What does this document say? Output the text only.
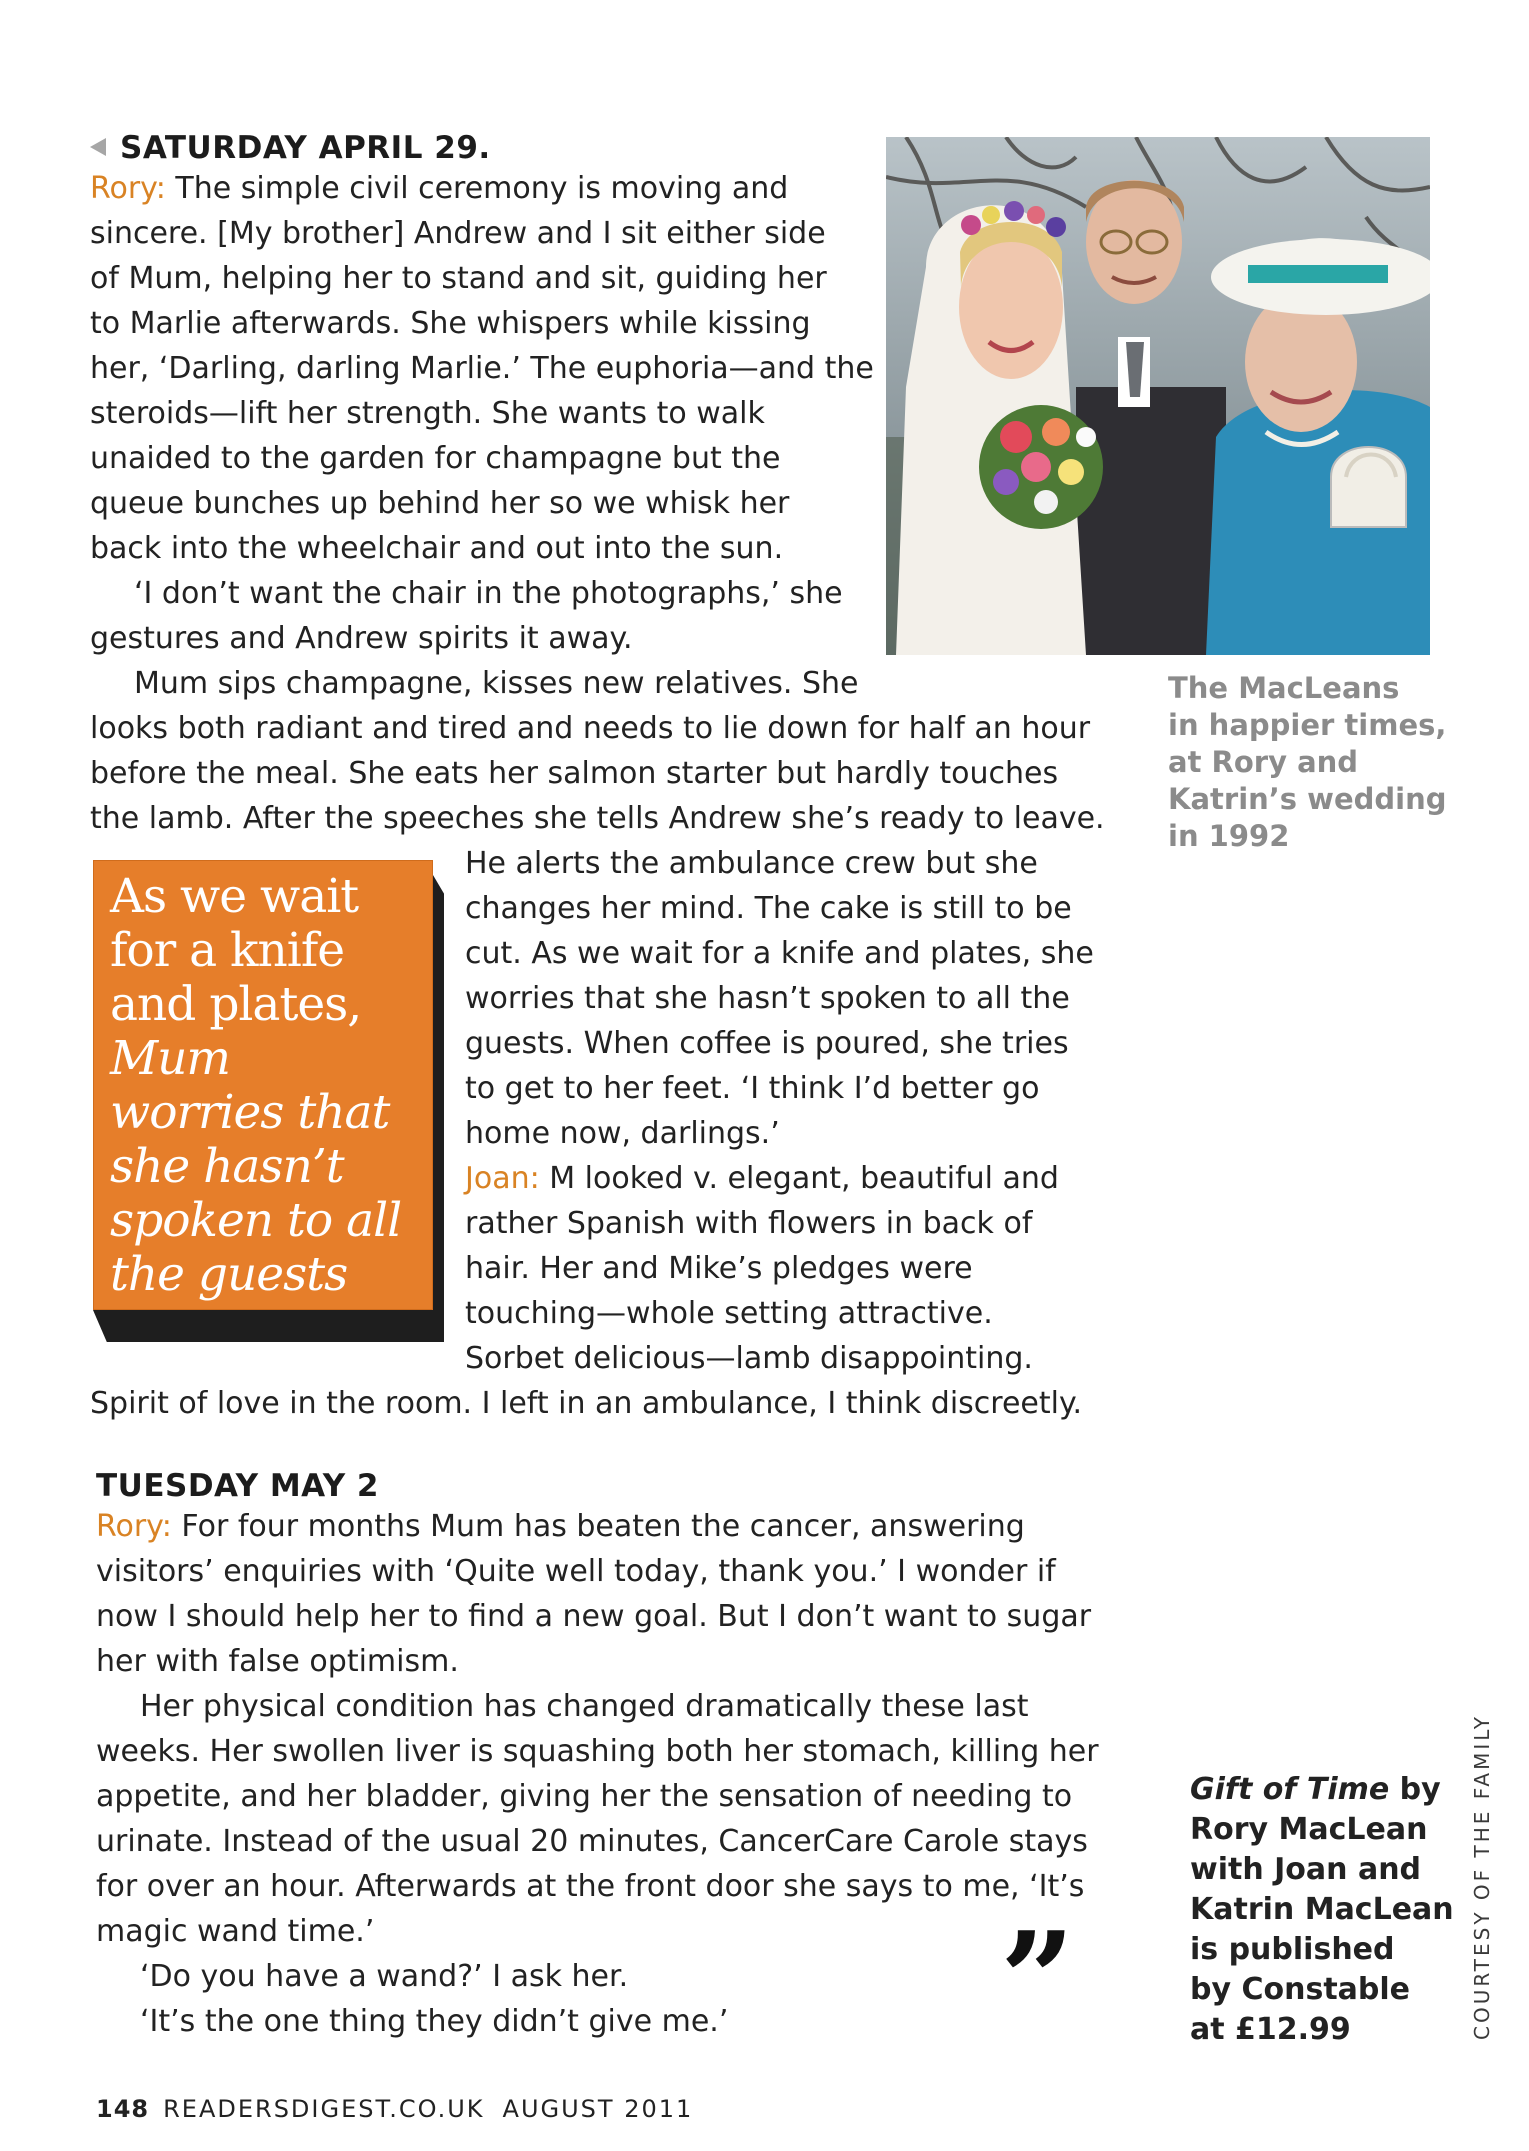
SATURDAY APRIL 29.

Rory: The simple civil ceremony is moving and

sincere. [My brother] Andrew and I sit either side

of Mum, helping her to stand and sit, guiding her

to Marlie afterwards. She whispers while kissing

her, ‘Darling, darling Marlie.’ The euphoria—and the

steroids—lift her strength. She wants to walk

unaided to the garden for champagne but the

queue bunches up behind her so we whisk her

back into the wheelchair and out into the sun.

‘I don’t want the chair in the photographs,’ she

gestures and Andrew spirits it away.

Mum sips champagne, kisses new relatives. She

looks both radiant and tired and needs to lie down for half an hour

before the meal. She eats her salmon starter but hardly touches

the lamb. After the speeches she tells Andrew she’s ready to leave.

He alerts the ambulance crew but she

changes her mind. The cake is still to be

cut. As we wait for a knife and plates, she

worries that she hasn’t spoken to all the

guests. When coffee is poured, she tries

to get to her feet. ‘I think I’d better go

home now, darlings.’

Joan: M looked v. elegant, beautiful and

rather Spanish with flowers in back of

hair. Her and Mike’s pledges were

touching—whole setting attractive.

Sorbet delicious—lamb disappointing.

Spirit of love in the room. I left in an ambulance, I think discreetly.

The MacLeans
in happier times,
at Rory and
Katrin’s wedding
in 1992
As we wait
for a knife
and plates,
Mum
worries that
she hasn’t
spoken to all
the guests

TUESDAY MAY 2

Rory: For four months Mum has beaten the cancer, answering

visitors’ enquiries with ‘Quite well today, thank you.’ I wonder if

now I should help her to find a new goal. But I don’t want to sugar

her with false optimism.

Her physical condition has changed dramatically these last

weeks. Her swollen liver is squashing both her stomach, killing her

appetite, and her bladder, giving her the sensation of needing to

urinate. Instead of the usual 20 minutes, CancerCare Carole stays

for over an hour. Afterwards at the front door she says to me, ‘It’s

magic wand time.’

‘Do you have a wand?’ I ask her.

‘It’s the one thing they didn’t give me.’	”
Gift of Time by
Rory MacLean
with Joan and
Katrin MacLean
is published
by Constable
at £12.99	COURTESY OF THE FAMILY
148 READERSDIGEST.CO.UK AUGUST 2011
